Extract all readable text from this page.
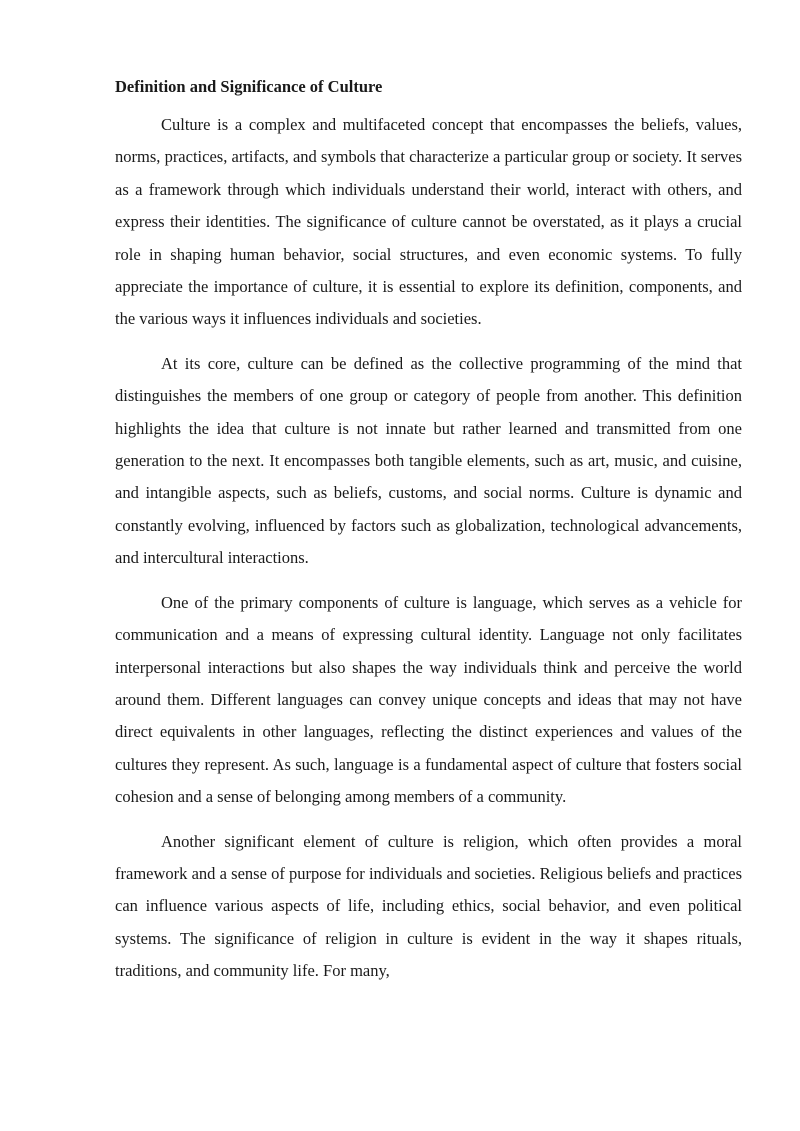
Definition and Significance of Culture

Culture is a complex and multifaceted concept that encompasses the beliefs, values, norms, practices, artifacts, and symbols that characterize a particular group or society. It serves as a framework through which individuals understand their world, interact with others, and express their identities. The significance of culture cannot be overstated, as it plays a crucial role in shaping human behavior, social structures, and even economic systems. To fully appreciate the importance of culture, it is essential to explore its definition, components, and the various ways it influences individuals and societies.

At its core, culture can be defined as the collective programming of the mind that distinguishes the members of one group or category of people from another. This definition highlights the idea that culture is not innate but rather learned and transmitted from one generation to the next. It encompasses both tangible elements, such as art, music, and cuisine, and intangible aspects, such as beliefs, customs, and social norms. Culture is dynamic and constantly evolving, influenced by factors such as globalization, technological advancements, and intercultural interactions.

One of the primary components of culture is language, which serves as a vehicle for communication and a means of expressing cultural identity. Language not only facilitates interpersonal interactions but also shapes the way individuals think and perceive the world around them. Different languages can convey unique concepts and ideas that may not have direct equivalents in other languages, reflecting the distinct experiences and values of the cultures they represent. As such, language is a fundamental aspect of culture that fosters social cohesion and a sense of belonging among members of a community.

Another significant element of culture is religion, which often provides a moral framework and a sense of purpose for individuals and societies. Religious beliefs and practices can influence various aspects of life, including ethics, social behavior, and even political systems. The significance of religion in culture is evident in the way it shapes rituals, traditions, and community life. For many,
